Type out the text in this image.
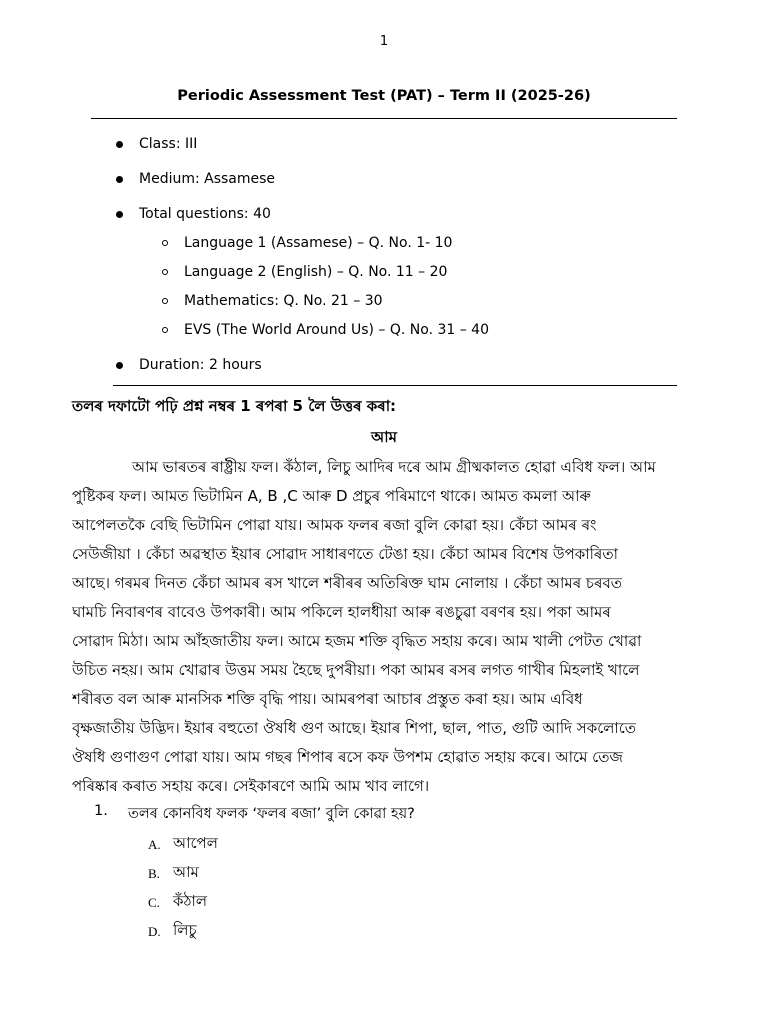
1
Periodic Assessment Test (PAT) – Term II (2025-26)
Class: III
Medium: Assamese
Total questions: 40
Language 1 (Assamese) – Q. No. 1- 10
Language 2 (English) – Q. No. 11 – 20
Mathematics: Q. No. 21 – 30
EVS (The World Around Us) – Q. No. 31 – 40
Duration: 2 hours
তলৰ দফাটো পঢ়ি প্ৰশ্ন নম্বৰ 1 ৰপৰা 5 লৈ উত্তৰ কৰা:
আম
আম ভাৰতৰ ৰাষ্ট্ৰীয় ফল। কঁঠাল, লিচু আদিৰ দৰে আম গ্ৰীষ্মকালত হোৱা এবিধ ফল। আম
পুষ্টিকৰ ফল। আমত ভিটামিন A, B ,C আৰু D প্ৰচুৰ পৰিমাণে থাকে। আমত কমলা আৰু
আপেলতকৈ বেছি ভিটামিন পোৱা যায়। আমক ফলৰ ৰজা বুলি কোৱা হয়। কেঁচা আমৰ ৰং
সেউজীয়া । কেঁচা অৱস্থাত ইয়াৰ সোৱাদ সাধাৰণতে টেঙা হয়। কেঁচা আমৰ বিশেষ উপকাৰিতা
আছে। গৰমৰ দিনত কেঁচা আমৰ ৰস খালে শৰীৰৰ অতিৰিক্ত ঘাম নোলায় । কেঁচা আমৰ চৰবত
ঘামচি নিবাৰণৰ বাবেও উপকাৰী। আম পকিলে হালধীয়া আৰু ৰঙচুৱা বৰণৰ হয়। পকা আমৰ
সোৱাদ মিঠা। আম আঁহজাতীয় ফল। আমে হজম শক্তি বৃদ্ধিত সহায় কৰে। আম খালী পেটত খোৱা
উচিত নহয়। আম খোৱাৰ উত্তম সময় হৈছে দুপৰীয়া। পকা আমৰ ৰসৰ লগত গাখীৰ মিহলাই খালে
শৰীৰত বল আৰু মানসিক শক্তি বৃদ্ধি পায়। আমৰপৰা আচাৰ প্ৰস্তুত কৰা হয়। আম এবিধ
বৃক্ষজাতীয় উদ্ভিদ। ইয়াৰ বহুতো ঔষধি গুণ আছে। ইয়াৰ শিপা, ছাল, পাত, গুটি আদি সকলোতে
ঔষধি গুণাগুণ পোৱা যায়। আম গছৰ শিপাৰ ৰসে কফ উপশম হোৱাত সহায় কৰে। আমে তেজ
পৰিষ্কাৰ কৰাত সহায় কৰে। সেইকাৰণে আমি আম খাব লাগে।
1.	তলৰ কোনবিধ ফলক ‘ফলৰ ৰজা’ বুলি কোৱা হয়?
A. আপেল
B. আম
C. কঁঠাল
D. লিচু
